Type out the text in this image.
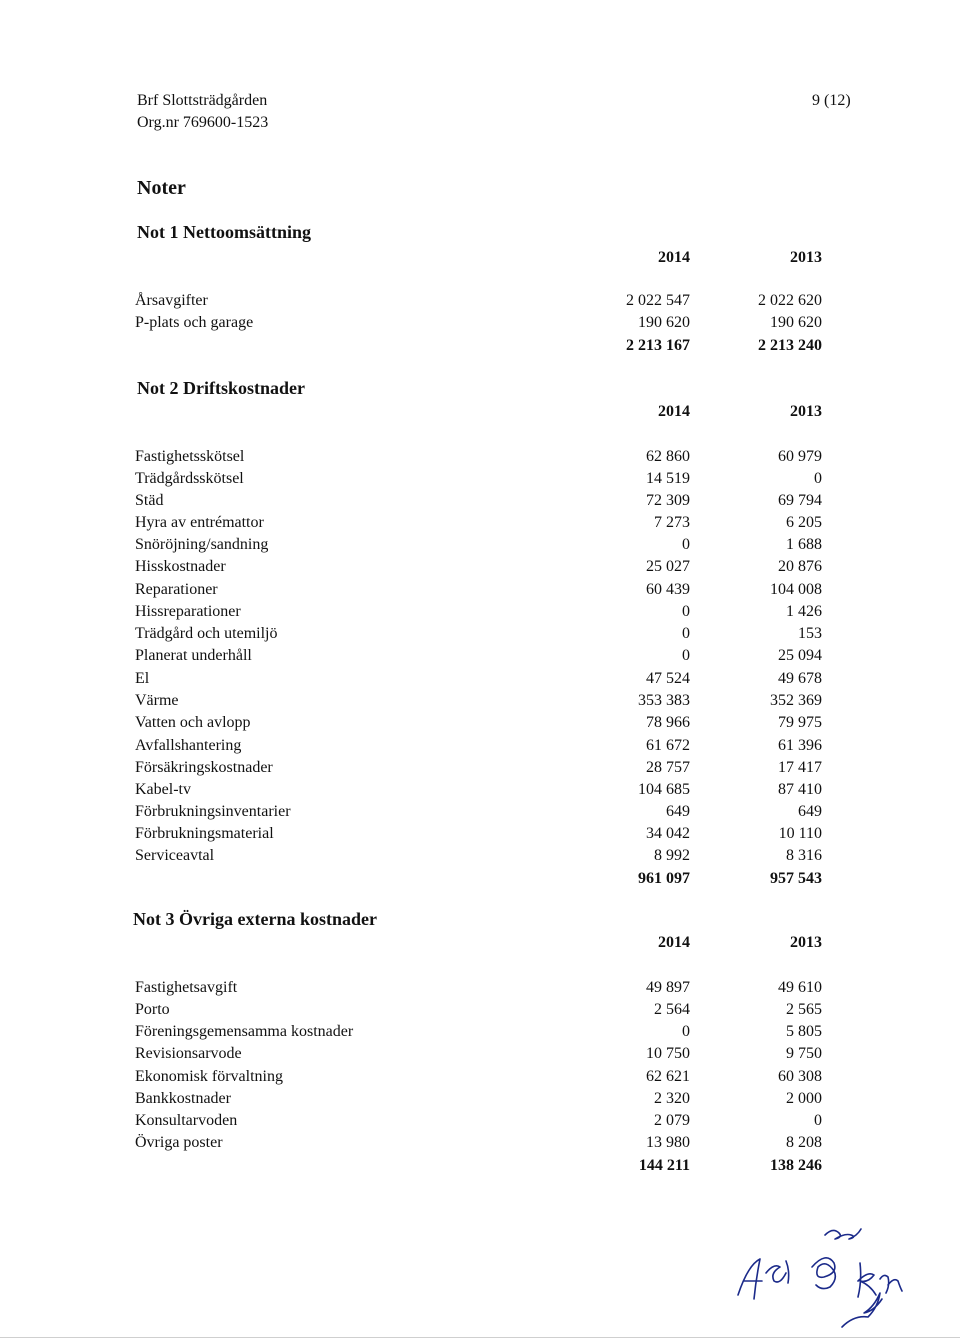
Brf Slottsträdgården
Org.nr 769600-1523
9 (12)
Noter
Not 1 Nettoomsättning
2014	2013
Årsavgifter	2 022 547	2 022 620
P-plats och garage	190 620	190 620
2 213 167	2 213 240
Not 2 Driftskostnader
2014	2013
Fastighetsskötsel	62 860	60 979
Trädgårdsskötsel	14 519	0
Städ	72 309	69 794
Hyra av entrémattor	7 273	6 205
Snöröjning/sandning	0	1 688
Hisskostnader	25 027	20 876
Reparationer	60 439	104 008
Hissreparationer	0	1 426
Trädgård och utemiljö	0	153
Planerat underhåll	0	25 094
El	47 524	49 678
Värme	353 383	352 369
Vatten och avlopp	78 966	79 975
Avfallshantering	61 672	61 396
Försäkringskostnader	28 757	17 417
Kabel-tv	104 685	87 410
Förbrukningsinventarier	649	649
Förbrukningsmaterial	34 042	10 110
Serviceavtal	8 992	8 316
961 097	957 543
Not 3 Övriga externa kostnader
2014	2013
Fastighetsavgift	49 897	49 610
Porto	2 564	2 565
Föreningsgemensamma kostnader	0	5 805
Revisionsarvode	10 750	9 750
Ekonomisk förvaltning	62 621	60 308
Bankkostnader	2 320	2 000
Konsultarvoden	2 079	0
Övriga poster	13 980	8 208
144 211	138 246
